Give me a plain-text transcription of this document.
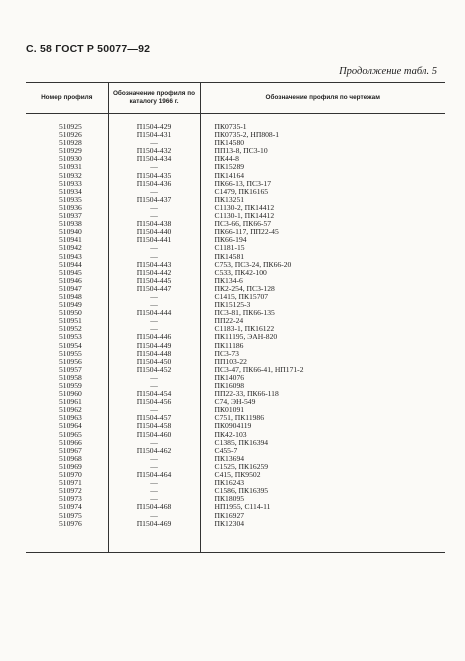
С. 58 ГОСТ Р 50077—92
Продолжение табл. 5
Номер профиля	Обозначение профиля по каталогу 1966 г.	Обозначение профиля по чертежам
510925	П1504-429	ПК0735-1
510926	П1504-431	ПК0735-2, НП808-1
510928	—	ПК14580
510929	П1504-432	ПП13-8, ПС3-10
510930	П1504-434	ПК44-8
510931	—	ПК15289
510932	П1504-435	ПК14164
510933	П1504-436	ПК66-13, ПС3-17
510934	—	С1479, ПК16165
510935	П1504-437	ПК13251
510936	—	С1130-2, ПК14412
510937	—	С1130-1, ПК14412
510938	П1504-438	ПС3-66, ПК66-57
510940	П1504-440	ПК66-117, ПП22-45
510941	П1504-441	ПК66-194
510942	—	С1181-15
510943	—	ПК14581
510944	П1504-443	С753, ПС3-24, ПК66-20
510945	П1504-442	С533, ПК42-100
510946	П1504-445	ПК134-6
510947	П1504-447	ПК2-254, ПС3-128
510948	—	С1415, ПК15707
510949	—	ПК15125-3
510950	П1504-444	ПС3-81, ПК66-135
510951	—	ПП22-24
510952	—	С1183-1, ПК16122
510953	П1504-446	ПК11195, ЭАН-820
510954	П1504-449	ПК11186
510955	П1504-448	ПС3-73
510956	П1504-450	ПП103-22
510957	П1504-452	ПС3-47, ПК66-41, НП171-2
510958	—	ПК14076
510959	—	ПК16098
510960	П1504-454	ПП22-33, ПК66-118
510961	П1504-456	С74, ЭН-549
510962	—	ПК01091
510963	П1504-457	С751, ПК11986
510964	П1504-458	ПК0904119
510965	П1504-460	ПК42-103
510966	—	С1385, ПК16394
510967	П1504-462	С455-7
510968	—	ПК13694
510969	—	С1525, ПК16259
510970	П1504-464	С415, ПК9502
510971	—	ПК16243
510972	—	С1586, ПК16395
510973	—	ПК18095
510974	П1504-468	НП1955, С114-11
510975	—	ПК16927
510976	П1504-469	ПК12304
